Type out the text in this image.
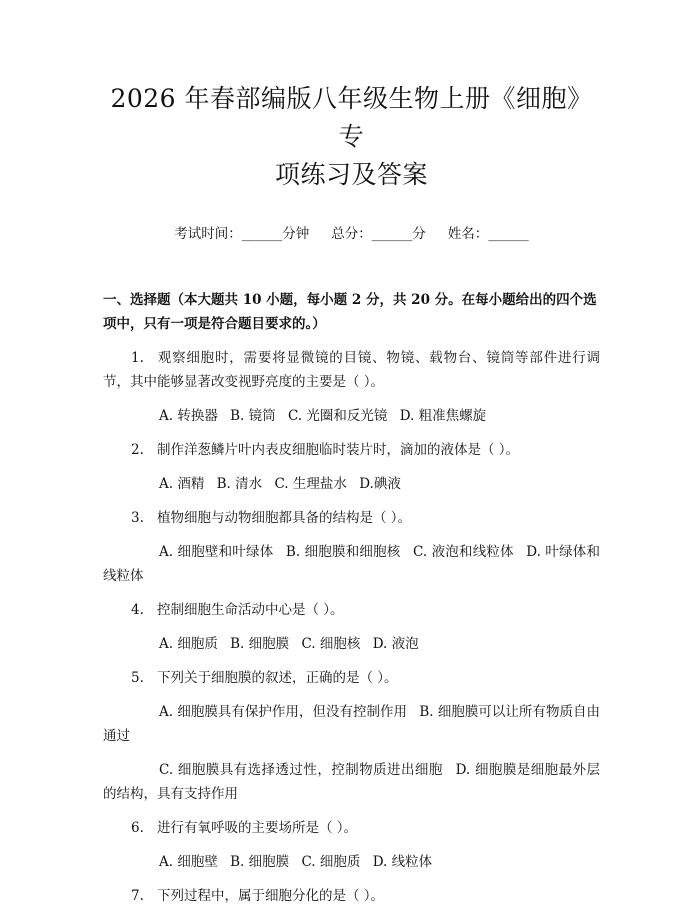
2026 年春部编版八年级生物上册《细胞》专
项练习及答案
考试时间：______分钟 总分：______分 姓名：______
一、选择题（本大题共 10 小题，每小题 2 分，共 20 分。在每小题给出的四个选项中，只有一项是符合题目要求的。）
1. 观察细胞时，需要将显微镜的目镜、物镜、载物台、镜筒等部件进行调节，其中能够显著改变视野亮度的主要是（ ）。
A. 转换器 B. 镜筒 C. 光圈和反光镜 D. 粗准焦螺旋
2. 制作洋葱鳞片叶内表皮细胞临时装片时，滴加的液体是（ ）。
A. 酒精 B. 清水 C. 生理盐水 D.碘液
3. 植物细胞与动物细胞都具备的结构是（ ）。
A. 细胞壁和叶绿体 B. 细胞膜和细胞核 C. 液泡和线粒体 D. 叶绿体和线粒体
4. 控制细胞生命活动中心是（ ）。
A. 细胞质 B. 细胞膜 C. 细胞核 D. 液泡
5. 下列关于细胞膜的叙述，正确的是（ ）。
A. 细胞膜具有保护作用，但没有控制作用 B. 细胞膜可以让所有物质自由通过
C. 细胞膜具有选择透过性，控制物质进出细胞 D. 细胞膜是细胞最外层的结构，具有支持作用
6. 进行有氧呼吸的主要场所是（ ）。
A. 细胞壁 B. 细胞膜 C. 细胞质 D. 线粒体
7. 下列过程中，属于细胞分化的是（ ）。
